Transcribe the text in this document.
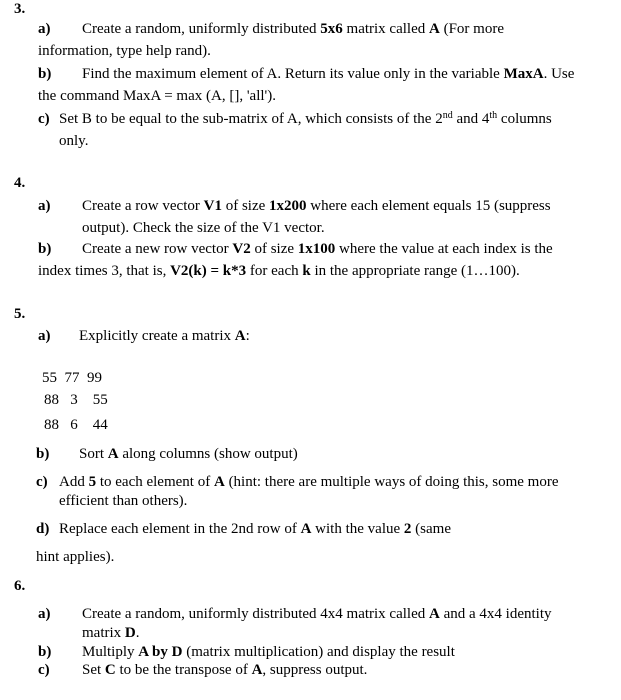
3.
a) Create a random, uniformly distributed 5x6 matrix called A (For more
information, type help rand).
b) Find the maximum element of A. Return its value only in the variable MaxA. Use
the command MaxA = max (A, [], 'all').
c) Set B to be equal to the sub-matrix of A, which consists of the 2nd and 4th columns
only.
4.
a) Create a row vector V1 of size 1x200 where each element equals 15 (suppress
output). Check the size of the V1 vector.
b) Create a new row vector V2 of size 1x100 where the value at each index is the
index times 3, that is, V2(k) = k*3 for each k in the appropriate range (1…100).
5.
a) Explicitly create a matrix A:
55  77  99
88   3    55
88   6    44
b) Sort A along columns (show output)
c) Add 5 to each element of A (hint: there are multiple ways of doing this, some more
efficient than others).
d) Replace each element in the 2nd row of A with the value 2 (same
hint applies).
6.
a) Create a random, uniformly distributed 4x4 matrix called A and a 4x4 identity
matrix D.
b) Multiply A by D (matrix multiplication) and display the result
c) Set C to be the transpose of A, suppress output.
